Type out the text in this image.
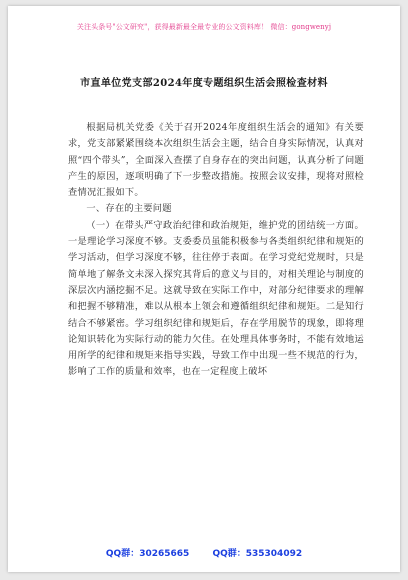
关注头条号"公文研究"，获得最新最全最专业的公文资料库！ 微信：gongwenyj
市直单位党支部2024年度专题组织生活会照检查材料

根据局机关党委《关于召开2024年度组织生活会的通知》有关要求，党支部紧紧围绕本次组织生活会主题，结合自身实际情况，认真对照“四个带头”，全面深入查摆了自身存在的突出问题，认真分析了问题产生的原因，逐项明确了下一步整改措施。按照会议安排，现将对照检查情况汇报如下。

一、存在的主要问题

（一）在带头严守政治纪律和政治规矩，维护党的团结统一方面。一是理论学习深度不够。支委委员虽能积极参与各类组织纪律和规矩的学习活动，但学习深度不够，往往停于表面。在学习党纪党规时，只是简单地了解条文未深入探究其背后的意义与目的，对相关理论与制度的深层次内涵挖掘不足。这就导致在实际工作中，对部分纪律要求的理解和把握不够精准，难以从根本上领会和遵循组织纪律和规矩。二是知行结合不够紧密。学习组织纪律和规矩后，存在学用脱节的现象，即将理论知识转化为实际行动的能力欠佳。在处理具体事务时，不能有效地运用所学的纪律和规矩来指导实践，导致工作中出现一些不规范的行为，影响了工作的质量和效率，也在一定程度上破坏

QQ群：30265665	QQ群：535304092
